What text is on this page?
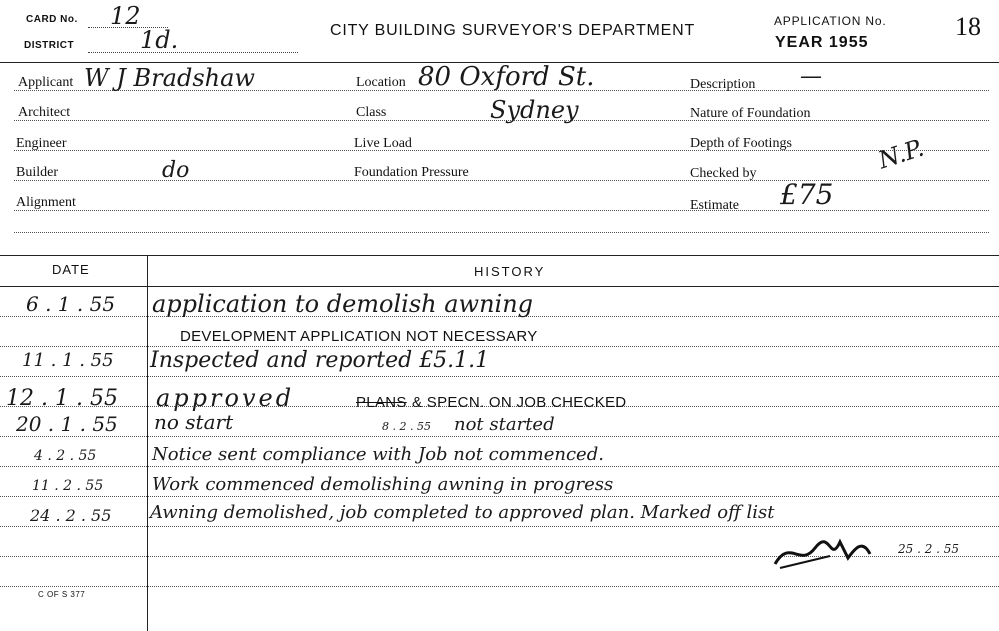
CARD No. 12
DISTRICT	1d.	CITY BUILDING SURVEYOR'S DEPARTMENT
APPLICATION No.
YEAR 1955
18
Applicant W J Bradshaw
Architect
Engineer
Builder	do
Alignment
Location 80 Oxford St.
Class	Sydney
Live Load
Foundation Pressure
Description —
Nature of Foundation
Depth of Footings	N.P.
Checked by
Estimate £75
DATE	HISTORY
6 . 1 . 55 application to demolish awning
DEVELOPMENT APPLICATION NOT NECESSARY
11 . 1 . 55 Inspected and reported £5.1.1
12 . 1 . 55 approved	PLANS & SPECN. ON JOB CHECKED
20 . 1 . 55 no start	8 . 2 . 55 not started
4 . 2 . 55	Notice sent compliance with Job not commenced.
11 . 2 . 55	Work commenced demolishing awning in progress
24 . 2 . 55 Awning demolished, job completed to approved plan. Marked off list
25 . 2 . 55
C OF S 377
